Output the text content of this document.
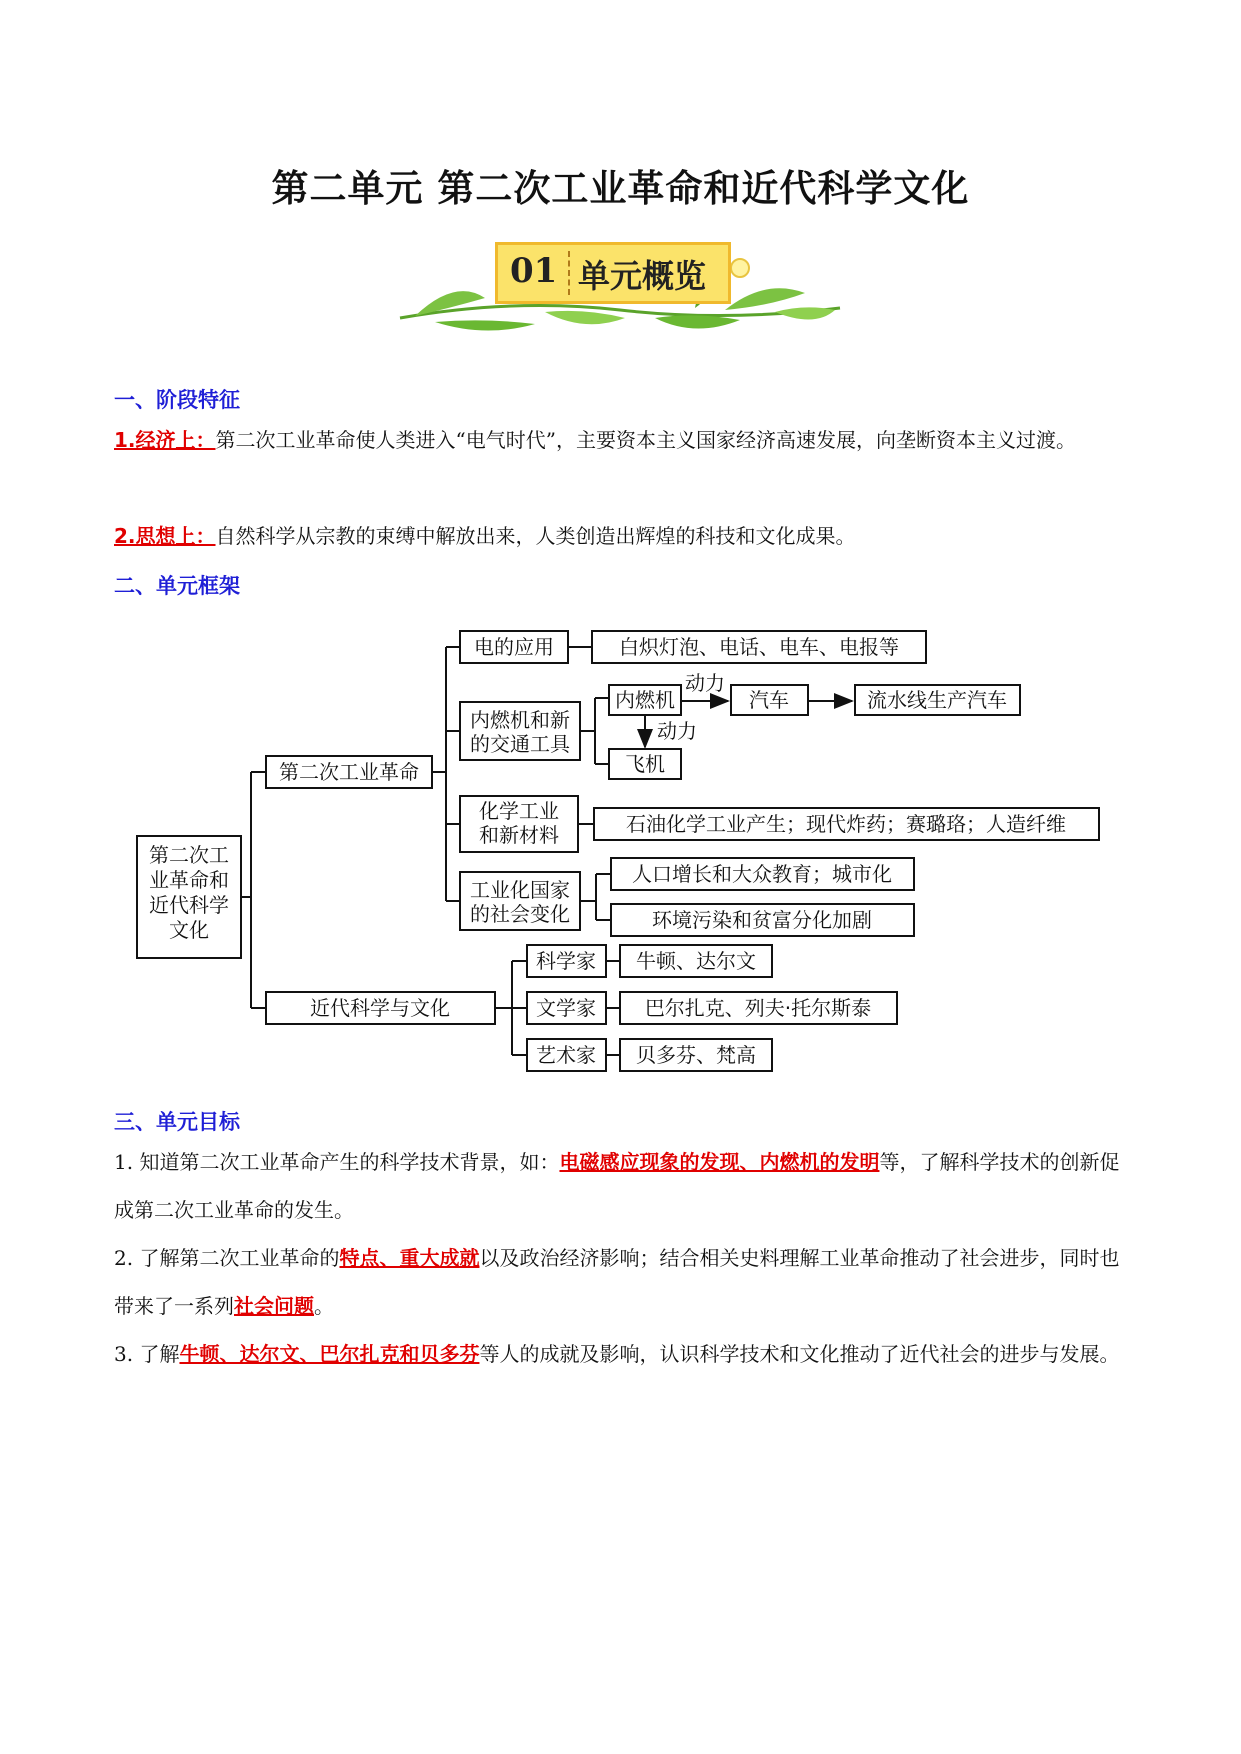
第二单元 第二次工业革命和近代科学文化
01 单元概览
一、阶段特征
1.经济上：第二次工业革命使人类进入“电气时代”，主要资本主义国家经济高速发展，向垄断资本主义过渡。
2.思想上：自然科学从宗教的束缚中解放出来，人类创造出辉煌的科技和文化成果。
二、单元框架
第二次工
业革命和
近代科学
文化
第二次工业革命
近代科学与文化
电的应用	白炽灯泡、电话、电车、电报等
内燃机和新
的交通工具
内燃机	汽车	流水线生产汽车
飞机
动力
动力
化学工业
和新材料	石油化学工业产生；现代炸药；赛璐珞；人造纤维
工业化国家
的社会变化
人口增长和大众教育；城市化
环境污染和贫富分化加剧
科学家 牛顿、达尔文
文学家 巴尔扎克、列夫·托尔斯泰
艺术家 贝多芬、梵高
三、单元目标
1. 知道第二次工业革命产生的科学技术背景，如：电磁感应现象的发现、内燃机的发明等，了解科学技术的创新促成第二次工业革命的发生。
2. 了解第二次工业革命的特点、重大成就以及政治经济影响；结合相关史料理解工业革命推动了社会进步，同时也带来了一系列社会问题。
3. 了解牛顿、达尔文、巴尔扎克和贝多芬等人的成就及影响，认识科学技术和文化推动了近代社会的进步与发展。
